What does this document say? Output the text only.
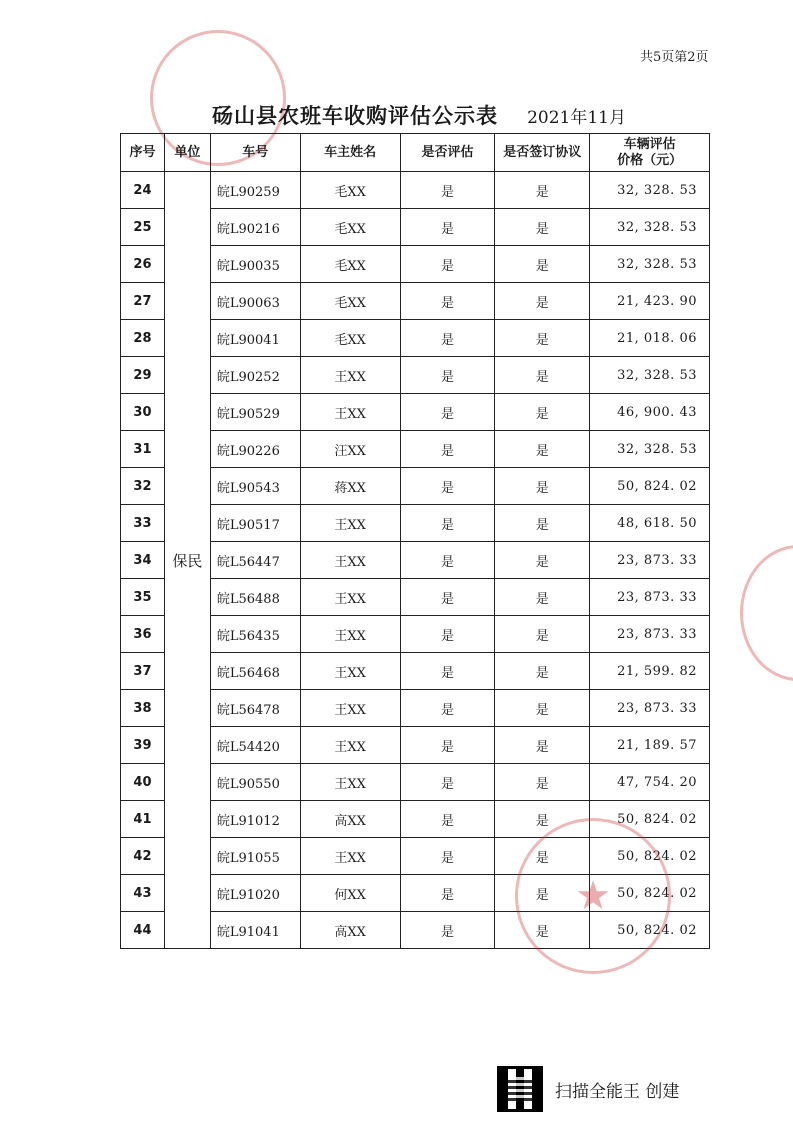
共5页第2页
砀山县农班车收购评估公示表 2021年11月
序号	单位	车号	车主姓名	是否评估	是否签订协议	车辆评估
价格（元）

24	保民	皖L90259	毛XX	是	是	32, 328. 53
25		皖L90216	毛XX	是	是	32, 328. 53
26		皖L90035	毛XX	是	是	32, 328. 53
27		皖L90063	毛XX	是	是	21, 423. 90
28		皖L90041	毛XX	是	是	21, 018. 06
29		皖L90252	王XX	是	是	32, 328. 53
30		皖L90529	王XX	是	是	46, 900. 43
31		皖L90226	汪XX	是	是	32, 328. 53
32		皖L90543	蒋XX	是	是	50, 824. 02
33		皖L90517	王XX	是	是	48, 618. 50
34		皖L56447	王XX	是	是	23, 873. 33
35		皖L56488	王XX	是	是	23, 873. 33
36		皖L56435	王XX	是	是	23, 873. 33
37		皖L56468	王XX	是	是	21, 599. 82
38		皖L56478	王XX	是	是	23, 873. 33
39		皖L54420	王XX	是	是	21, 189. 57
40		皖L90550	王XX	是	是	47, 754. 20
41		皖L91012	高XX	是	是	50, 824. 02
42		皖L91055	王XX	是	是	50, 824. 02
43		皖L91020	何XX	是	是	50, 824. 02
44		皖L91041	高XX	是	是	50, 824. 02
★
扫描全能王 创建
